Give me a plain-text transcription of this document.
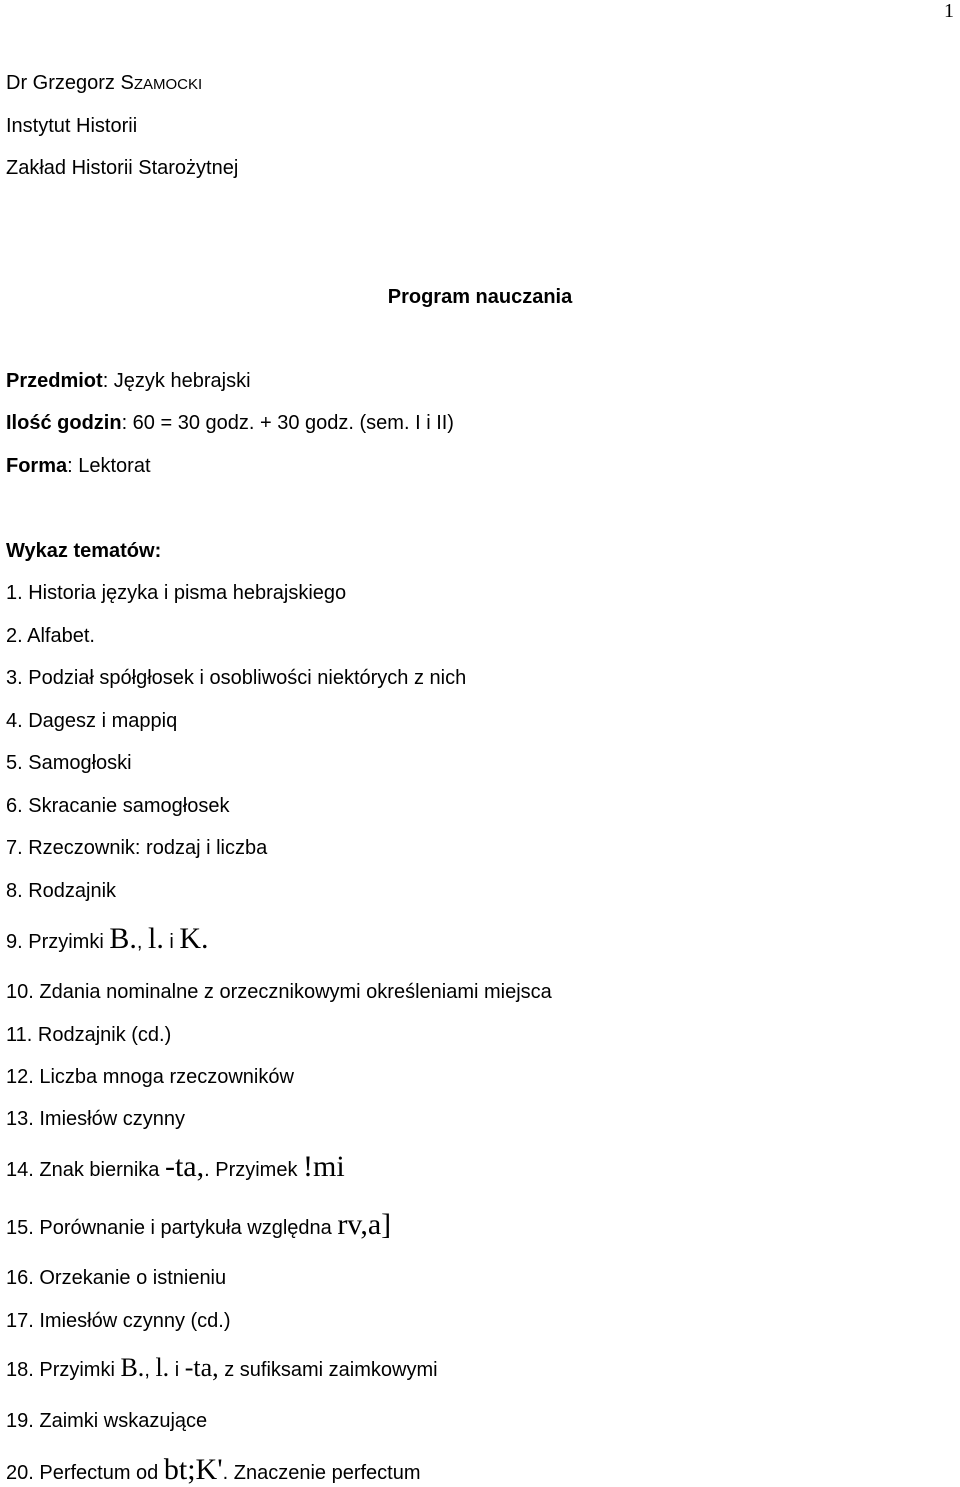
1
Dr Grzegorz SZAMOCKI
Instytut Historii
Zakład Historii Starożytnej
Program nauczania
Przedmiot: Język hebrajski
Ilość godzin: 60 = 30 godz. + 30 godz. (sem. I i II)
Forma: Lektorat
Wykaz tematów:
1. Historia języka i pisma hebrajskiego
2. Alfabet.
3. Podział spółgłosek i osobliwości niektórych z nich
4. Dagesz i mappiq
5. Samogłoski
6. Skracanie samogłosek
7. Rzeczownik: rodzaj i liczba
8. Rodzajnik
9. Przyimki B., l. i K.
10. Zdania nominalne z orzecznikowymi określeniami miejsca
11. Rodzajnik (cd.)
12. Liczba mnoga rzeczowników
13. Imiesłów czynny
14. Znak biernika -ta,. Przyimek !mi
15. Porównanie i partykuła względna rv,a]
16. Orzekanie o istnieniu
17. Imiesłów czynny (cd.)
18. Przyimki B., l. i -ta, z sufiksami zaimkowymi
19. Zaimki wskazujące
20. Perfectum od bt;K'. Znaczenie perfectum
